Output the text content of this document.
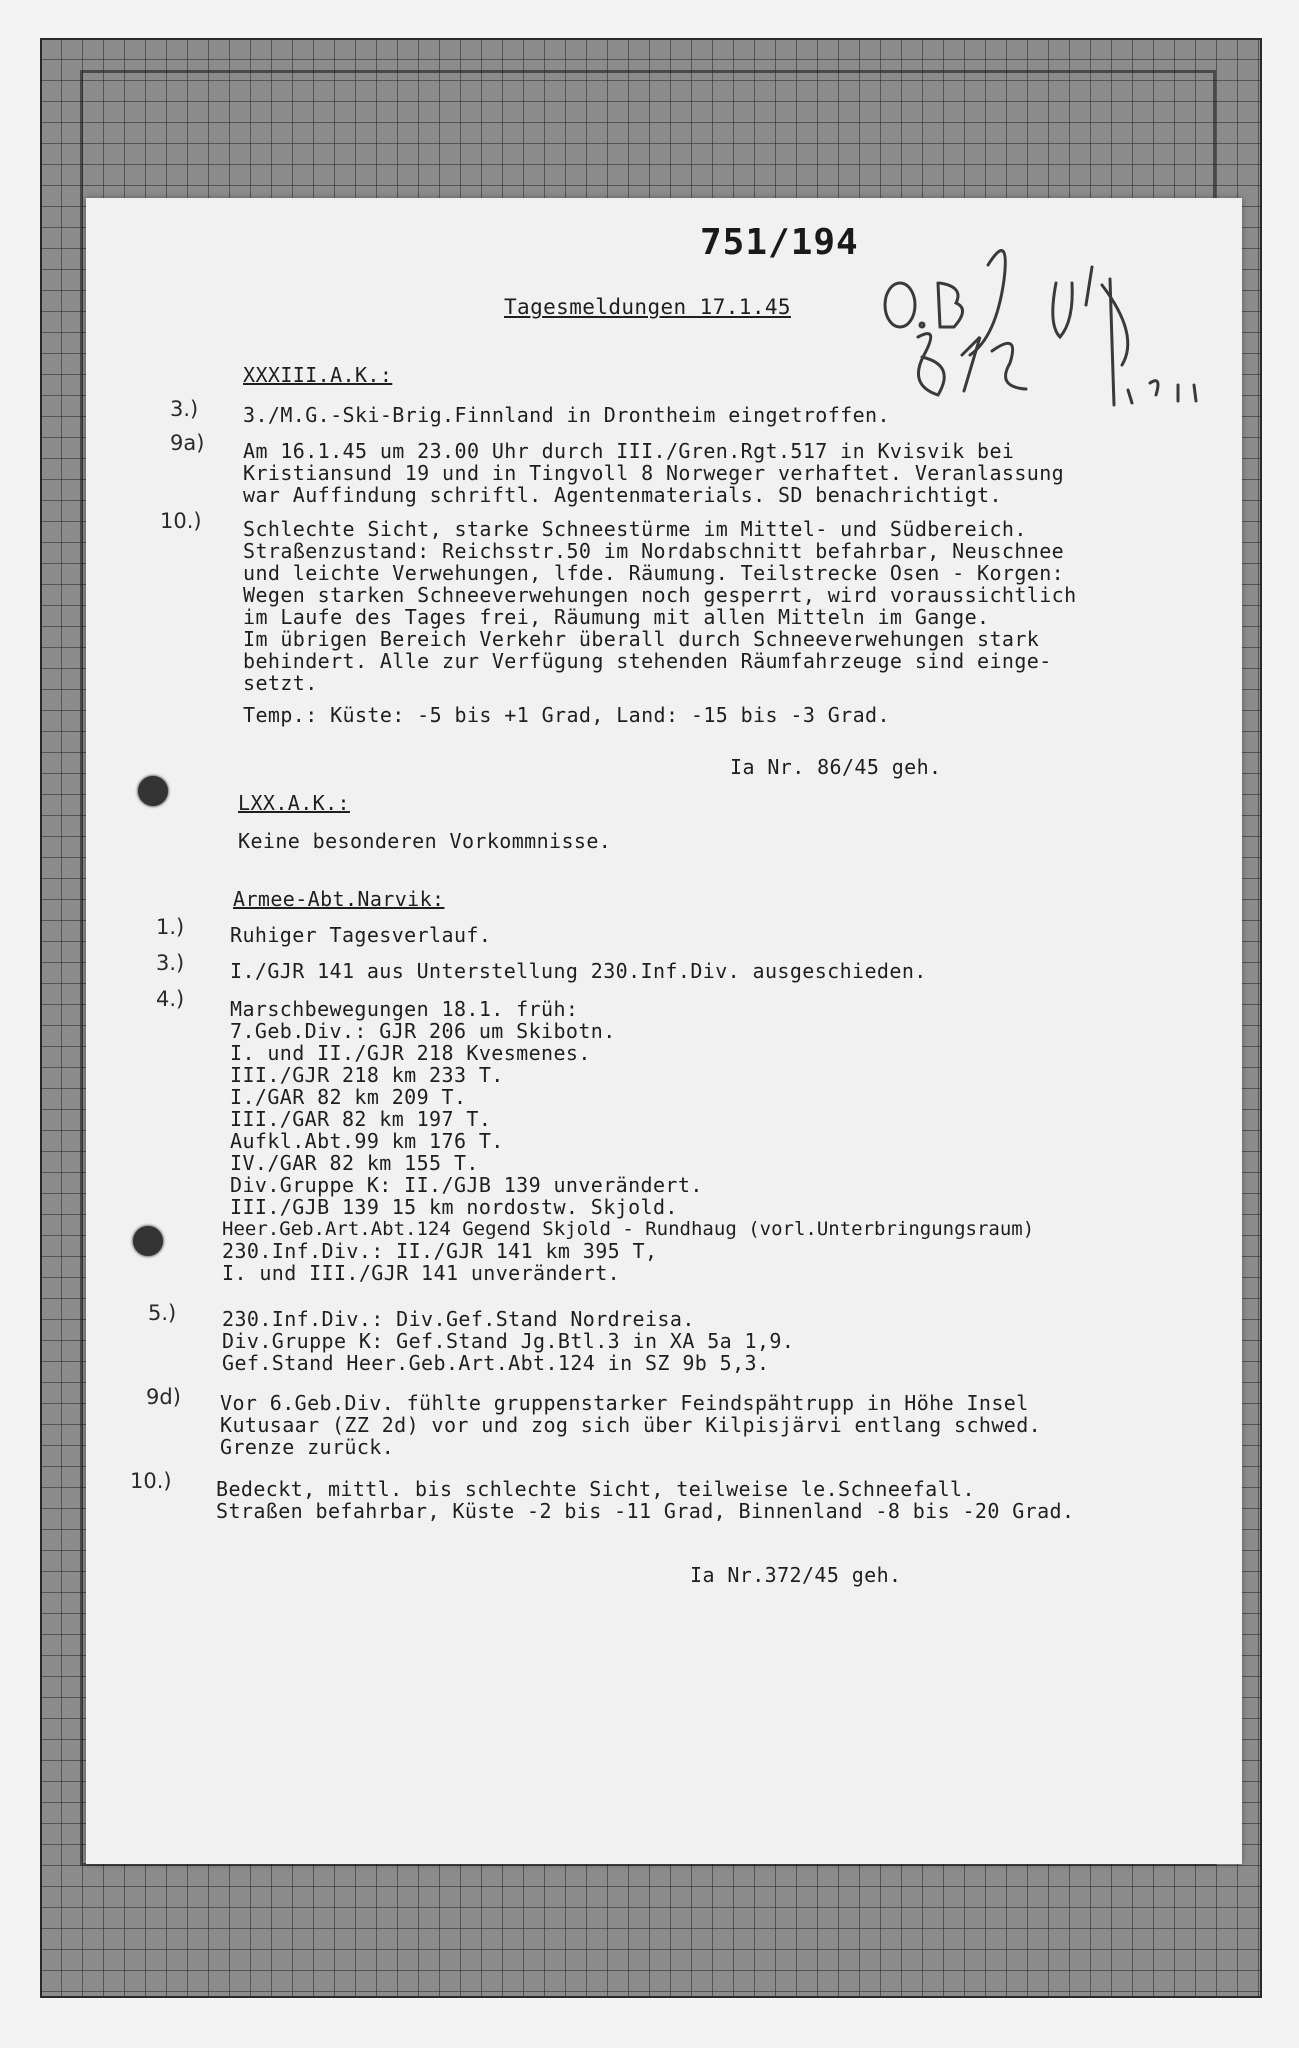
751/194
Tagesmeldungen 17.1.45
XXXIII.A.K.:
3.) 3./M.G.-Ski-Brig.Finnland in Drontheim eingetroffen.
9a) Am 16.1.45 um 23.00 Uhr durch III./Gren.Rgt.517 in Kvisvik bei
Kristiansund 19 und in Tingvoll 8 Norweger verhaftet. Veranlassung
war Auffindung schriftl. Agentenmaterials. SD benachrichtigt.
10.) Schlechte Sicht, starke Schneestürme im Mittel- und Südbereich.
Straßenzustand: Reichsstr.50 im Nordabschnitt befahrbar, Neuschnee
und leichte Verwehungen, lfde. Räumung. Teilstrecke Osen - Korgen:
Wegen starken Schneeverwehungen noch gesperrt, wird voraussichtlich
im Laufe des Tages frei, Räumung mit allen Mitteln im Gange.
Im übrigen Bereich Verkehr überall durch Schneeverwehungen stark
behindert. Alle zur Verfügung stehenden Räumfahrzeuge sind einge-
setzt.
Temp.: Küste: -5 bis +1 Grad, Land: -15 bis -3 Grad.
Ia Nr. 86/45 geh.
LXX.A.K.:
Keine besonderen Vorkommnisse.
Armee-Abt.Narvik:
1.) Ruhiger Tagesverlauf.
3.) I./GJR 141 aus Unterstellung 230.Inf.Div. ausgeschieden.
4.) Marschbewegungen 18.1. früh:
7.Geb.Div.: GJR 206 um Skibotn.
I. und II./GJR 218 Kvesmenes.
III./GJR 218 km 233 T.
I./GAR 82 km 209 T.
III./GAR 82 km 197 T.
Aufkl.Abt.99 km 176 T.
IV./GAR 82 km 155 T.
Div.Gruppe K: II./GJB 139 unverändert.
III./GJB 139 15 km nordostw. Skjold.
Heer.Geb.Art.Abt.124 Gegend Skjold - Rundhaug (vorl.Unterbringungsraum)
230.Inf.Div.: II./GJR 141 km 395 T,
I. und III./GJR 141 unverändert.
5.) 230.Inf.Div.: Div.Gef.Stand Nordreisa.
Div.Gruppe K: Gef.Stand Jg.Btl.3 in XA 5a 1,9.
Gef.Stand Heer.Geb.Art.Abt.124 in SZ 9b 5,3.
9d) Vor 6.Geb.Div. fühlte gruppenstarker Feindspähtrupp in Höhe Insel
Kutusaar (ZZ 2d) vor und zog sich über Kilpisjärvi entlang schwed.
Grenze zurück.
10.) Bedeckt, mittl. bis schlechte Sicht, teilweise le.Schneefall.
Straßen befahrbar, Küste -2 bis -11 Grad, Binnenland -8 bis -20 Grad.
Ia Nr.372/45 geh.
